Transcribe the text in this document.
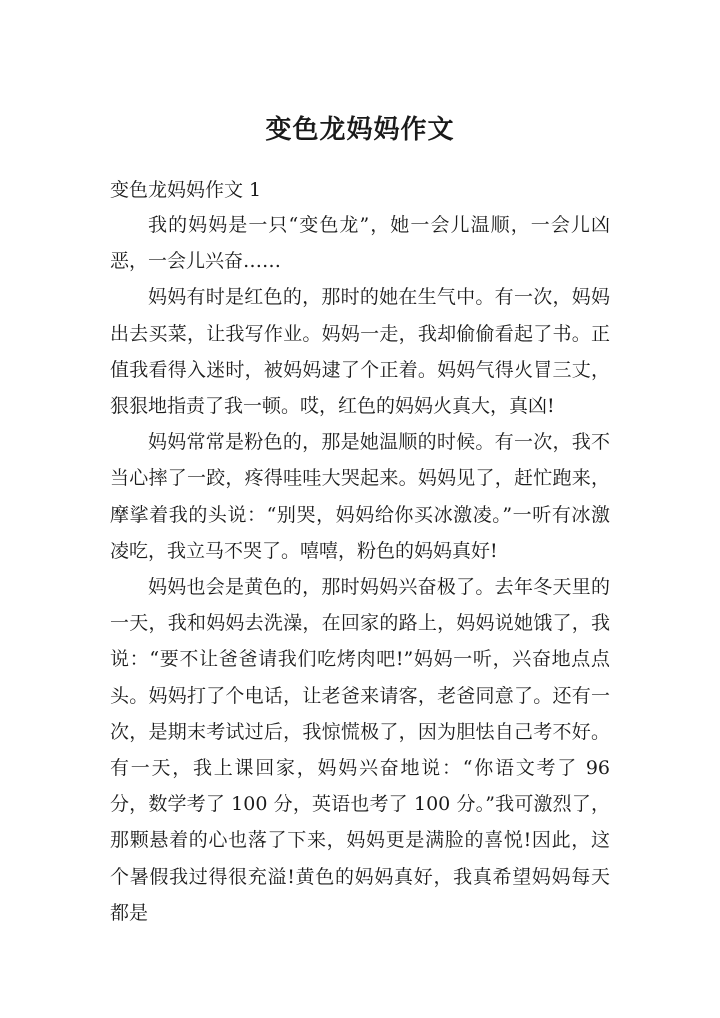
变色龙妈妈作文
变色龙妈妈作文 1

我的妈妈是一只“变色龙”，她一会儿温顺，一会儿凶恶，一会儿兴奋……

妈妈有时是红色的，那时的她在生气中。有一次，妈妈出去买菜，让我写作业。妈妈一走，我却偷偷看起了书。正值我看得入迷时，被妈妈逮了个正着。妈妈气得火冒三丈，狠狠地指责了我一顿。哎，红色的妈妈火真大，真凶!

妈妈常常是粉色的，那是她温顺的时候。有一次，我不当心摔了一跤，疼得哇哇大哭起来。妈妈见了，赶忙跑来，摩挲着我的头说：“别哭，妈妈给你买冰激凌。”一听有冰激凌吃，我立马不哭了。嘻嘻，粉色的妈妈真好!

妈妈也会是黄色的，那时妈妈兴奋极了。去年冬天里的一天，我和妈妈去洗澡，在回家的路上，妈妈说她饿了，我说：“要不让爸爸请我们吃烤肉吧!”妈妈一听，兴奋地点点头。妈妈打了个电话，让老爸来请客，老爸同意了。还有一次，是期末考试过后，我惊慌极了，因为胆怯自己考不好。有一天，我上课回家，妈妈兴奋地说：“你语文考了 96 分，数学考了 100 分，英语也考了 100 分。”我可激烈了，那颗悬着的心也落了下来，妈妈更是满脸的喜悦!因此，这个暑假我过得很充溢!黄色的妈妈真好，我真希望妈妈每天都是
